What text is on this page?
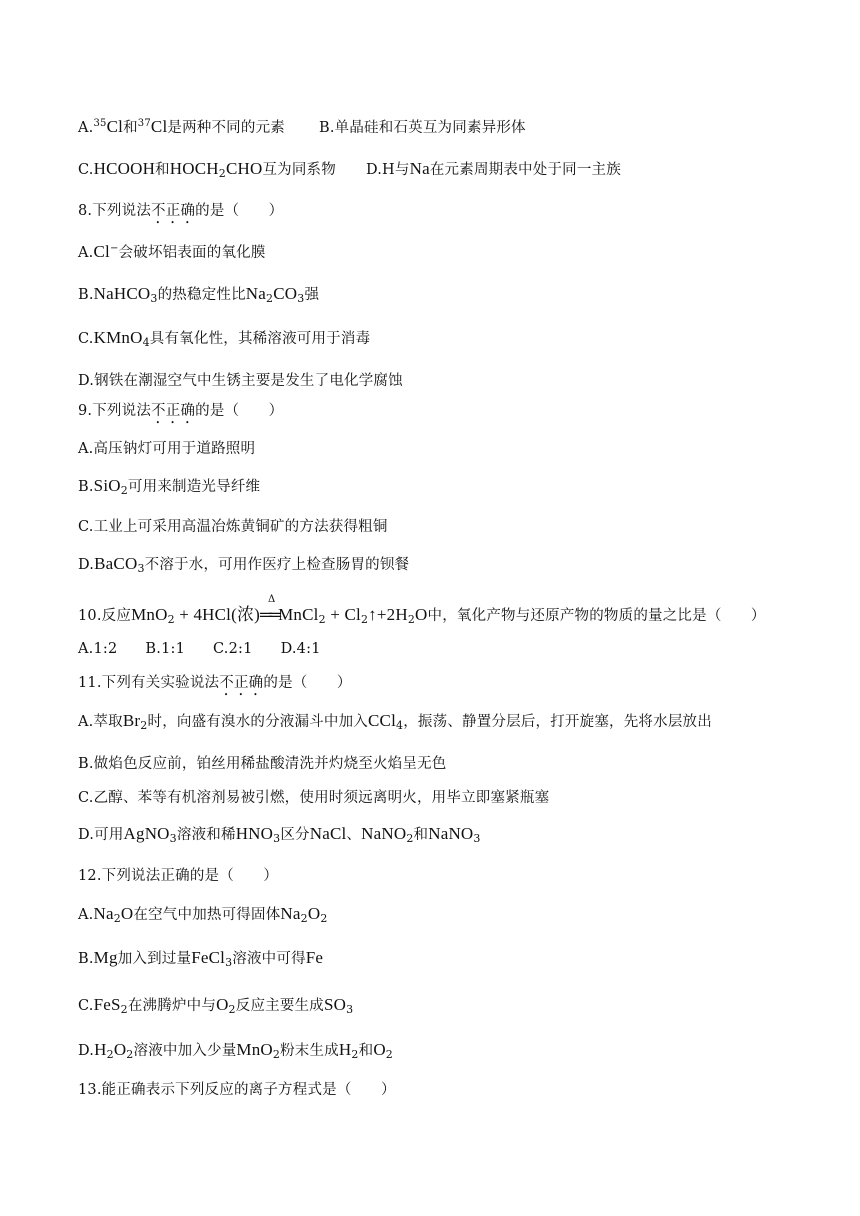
A.$^{35}$Cl和$^{37}$Cl是两种不同的元素 B.单晶硅和石英互为同素异形体
C.HCOOH和$HOCH_2CHO$互为同系物 D.H与Na在元素周期表中处于同一主族
8.下列说法不正确的是（　　）
A.Cl−会破坏铝表面的氧化膜
B.NaHCO$_3$的热稳定性比$Na_2CO_3$强
C.KMnO$_4$具有氧化性，其稀溶液可用于消毒
D.钢铁在潮湿空气中生锈主要是发生了电化学腐蚀
9.下列说法不正确的是（　　）
A.高压钠灯可用于道路照明
B.SiO$_2$可用来制造光导纤维
C.工业上可采用高温冶炼黄铜矿的方法获得粗铜
D.BaCO$_3$不溶于水，可用作医疗上检查肠胃的钡餐
10.反应MnO$_2$ + 4HCl(浓)
Δ
══MnCl$_2$ + $Cl_2↑+2H_2O$中，氧化产物与还原产物的物质的量之比是（　　）
A.1:2 B.1:1 C.2:1 D.4:1
11.下列有关实验说法不正确的是（　　）
A.萃取$Br_2$时，向盛有溴水的分液漏斗中加入CCl$_4$，振荡、静置分层后，打开旋塞，先将水层放出
B.做焰色反应前，铂丝用稀盐酸清洗并灼烧至火焰呈无色
C.乙醇、苯等有机溶剂易被引燃，使用时须远离明火，用毕立即塞紧瓶塞
D.可用AgNO$_3$溶液和稀$HNO_3$区分NaCl、NaNO$_2$和NaNO$_3$
12.下列说法正确的是（　　）
$A.Na_2O$在空气中加热可得固体$Na_2O_2$
B.Mg加入到过量FeCl$_3$溶液中可得Fe
C.FeS$_2$在沸腾炉中与$O_2$反应主要生成$SO_3$
$D.H_2O_2$溶液中加入少量MnO$_2$粉末生成$H_2$和$O_2$
13.能正确表示下列反应的离子方程式是（　　）
